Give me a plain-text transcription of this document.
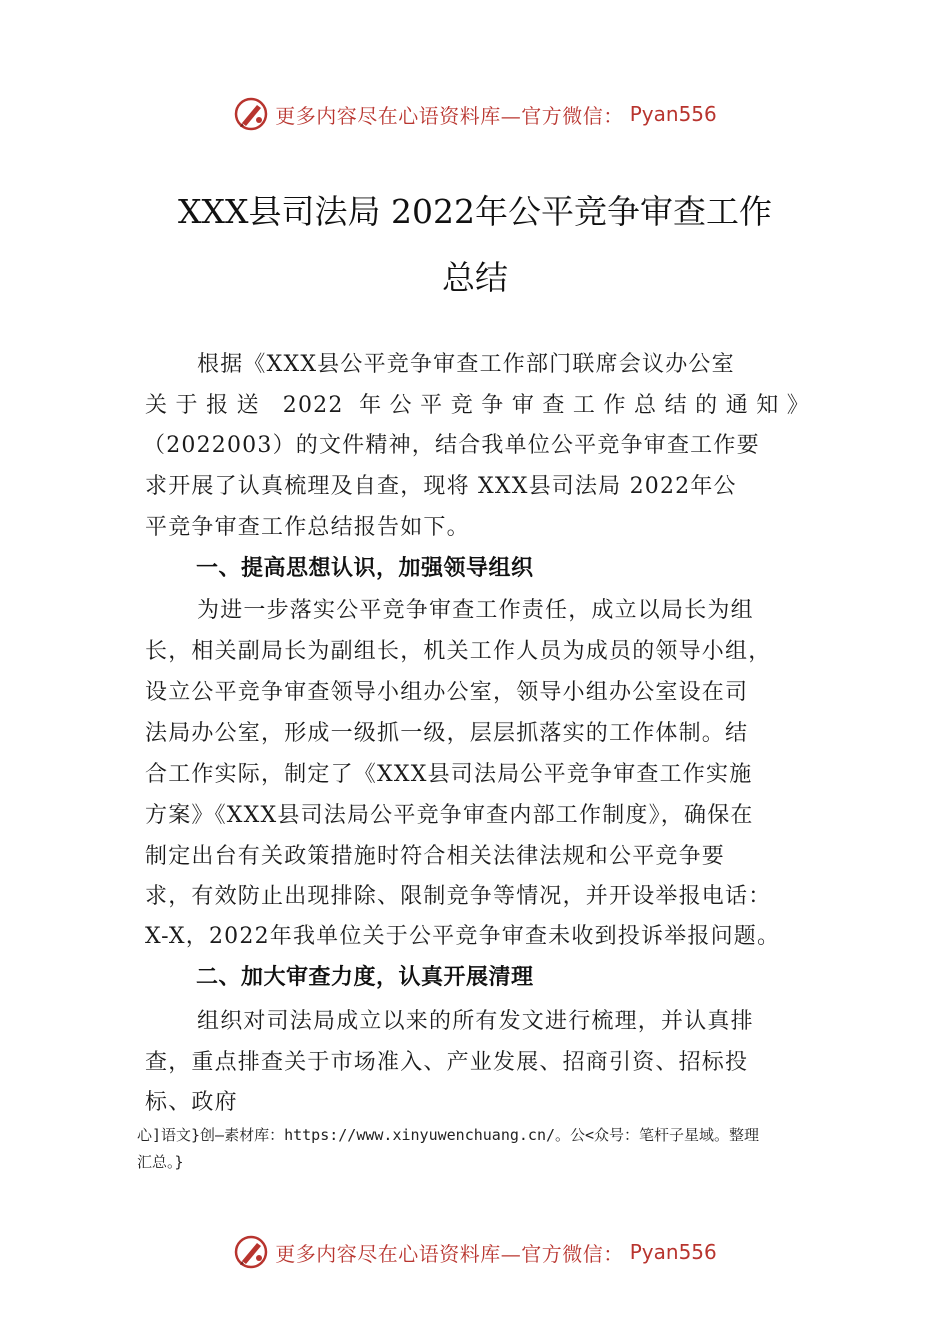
更多内容尽在心语资料库—官方微信： Pyan556
XXX县司法局 2022年公平竞争审查工作
总结
根据《XXX县公平竞争审查工作部门联席会议办公室
关于报送 2022 年公平竞争审查工作总结的通知》
（2022003）的文件精神，结合我单位公平竞争审查工作要
求开展了认真梳理及自查，现将 XXX县司法局 2022年公
平竞争审查工作总结报告如下。
一、提高思想认识，加强领导组织
为进一步落实公平竞争审查工作责任，成立以局长为组
长，相关副局长为副组长，机关工作人员为成员的领导小组，
设立公平竞争审查领导小组办公室，领导小组办公室设在司
法局办公室，形成一级抓一级，层层抓落实的工作体制。结
合工作实际，制定了《XXX县司法局公平竞争审查工作实施
方案》《XXX县司法局公平竞争审查内部工作制度》，确保在
制定出台有关政策措施时符合相关法律法规和公平竞争要
求，有效防止出现排除、限制竞争等情况，并开设举报电话：
X-X，2022年我单位关于公平竞争审查未收到投诉举报问题。
二、加大审查力度，认真开展清理
组织对司法局成立以来的所有发文进行梳理，并认真排
查，重点排查关于市场准入、产业发展、招商引资、招标投
标、政府
心]语文}创—素材库：https://www.xinyuwenchuang.cn/。公<众号：笔杆子星域。整理
汇总。}
更多内容尽在心语资料库—官方微信： Pyan556
